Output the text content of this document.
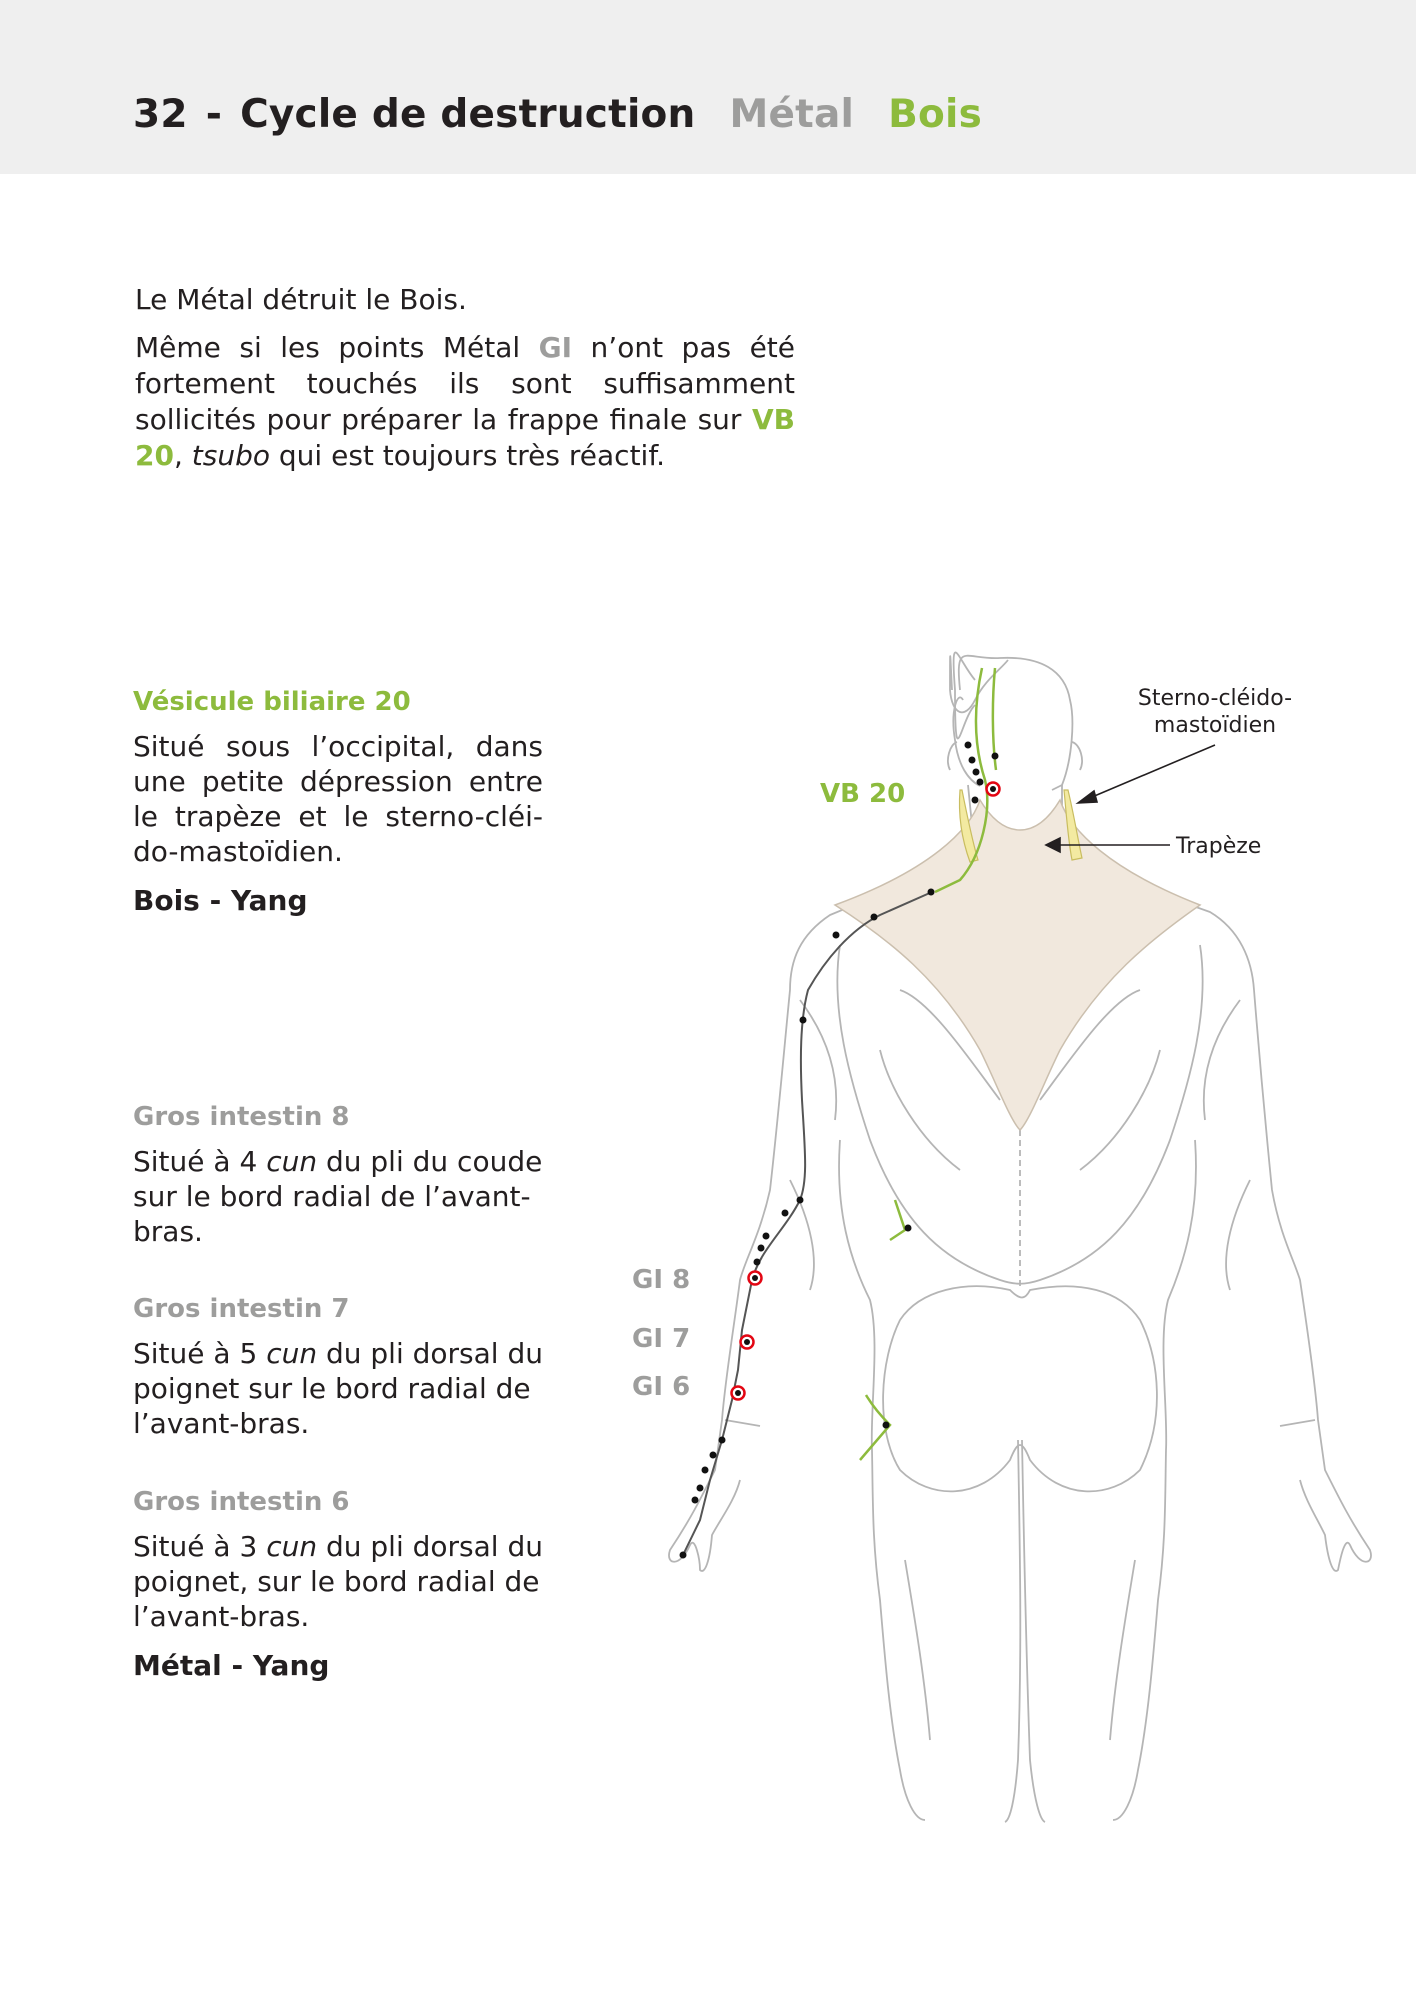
32 - Cycle de destruction Métal Bois

Le Métal détruit le Bois.

Même si les points Métal GI n’ont pas été fortement touchés ils sont suffisamment sollicités pour préparer la frappe finale sur VB 20, tsubo qui est toujours très réactif.

Vésicule biliaire 20

Situé sous l’occipital, dans une petite dépression entre le trapèze et le sterno-cléido-mastoïdien.

Bois - Yang

Gros intestin 8

Situé à 4 cun du pli du coude sur le bord radial de l’avant-bras.

Gros intestin 7

Situé à 5 cun du pli dorsal du poignet sur le bord radial de l’avant-bras.

Gros intestin 6

Situé à 3 cun du pli dorsal du poignet, sur le bord radial de l’avant-bras.

Métal - Yang

VB 20
GI 8
GI 7
GI 6
Sterno-cléido-
mastoïdien
Trapèze
